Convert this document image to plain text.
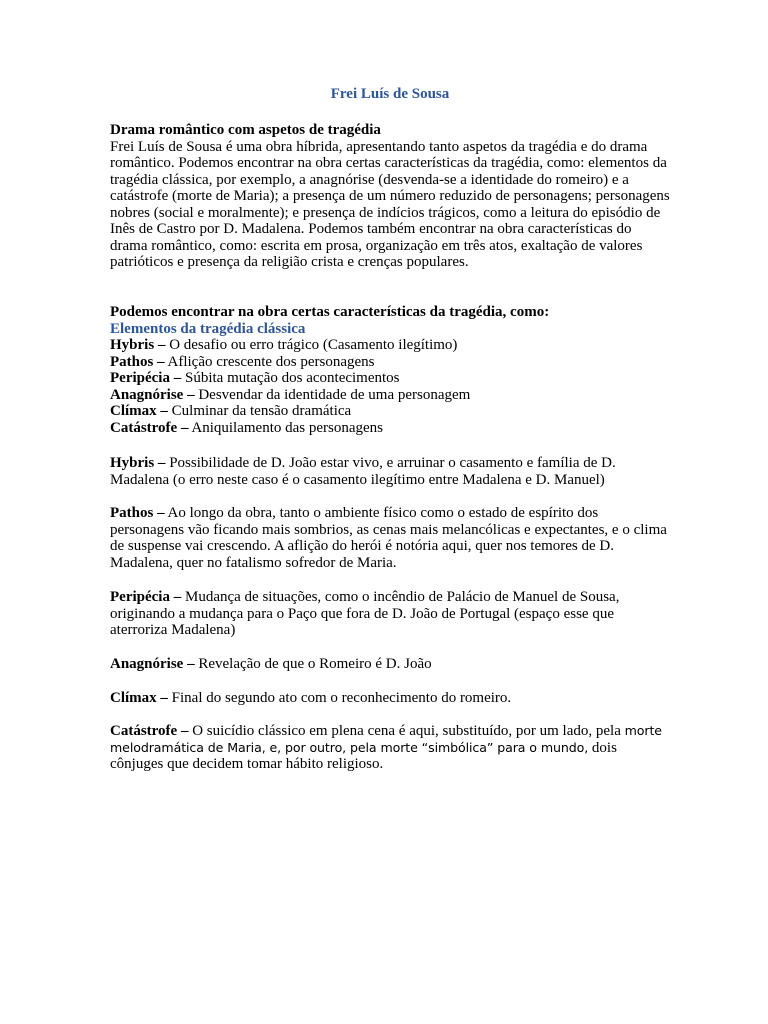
Frei Luís de Sousa

Drama romântico com aspetos de tragédia

Frei Luís de Sousa é uma obra híbrida, apresentando tanto aspetos da tragédia e do drama romântico. Podemos encontrar na obra certas características da tragédia, como: elementos da tragédia clássica, por exemplo, a anagnórise (desvenda-se a identidade do romeiro) e a catástrofe (morte de Maria); a presença de um número reduzido de personagens; personagens nobres (social e moralmente); e presença de indícios trágicos, como a leitura do episódio de Inês de Castro por D. Madalena. Podemos também encontrar na obra características do drama romântico, como: escrita em prosa, organização em três atos, exaltação de valores patrióticos e presença da religião crista e crenças populares.

Podemos encontrar na obra certas características da tragédia, como:

Elementos da tragédia clássica

Hybris – O desafio ou erro trágico (Casamento ilegítimo)

Pathos – Aflição crescente dos personagens

Peripécia – Súbita mutação dos acontecimentos

Anagnórise – Desvendar da identidade de uma personagem

Clímax – Culminar da tensão dramática

Catástrofe – Aniquilamento das personagens

Hybris – Possibilidade de D. João estar vivo, e arruinar o casamento e família de D. Madalena (o erro neste caso é o casamento ilegítimo entre Madalena e D. Manuel)

Pathos – Ao longo da obra, tanto o ambiente físico como o estado de espírito dos personagens vão ficando mais sombrios, as cenas mais melancólicas e expectantes, e o clima de suspense vai crescendo. A aflição do herói é notória aqui, quer nos temores de D. Madalena, quer no fatalismo sofredor de Maria.

Peripécia – Mudança de situações, como o incêndio de Palácio de Manuel de Sousa, originando a mudança para o Paço que fora de D. João de Portugal (espaço esse que aterroriza Madalena)

Anagnórise – Revelação de que o Romeiro é D. João

Clímax – Final do segundo ato com o reconhecimento do romeiro.

Catástrofe – O suicídio clássico em plena cena é aqui, substituído, por um lado, pela morte melodramática de Maria, e, por outro, pela morte “simbólica” para o mundo, dois cônjuges que decidem tomar hábito religioso.
